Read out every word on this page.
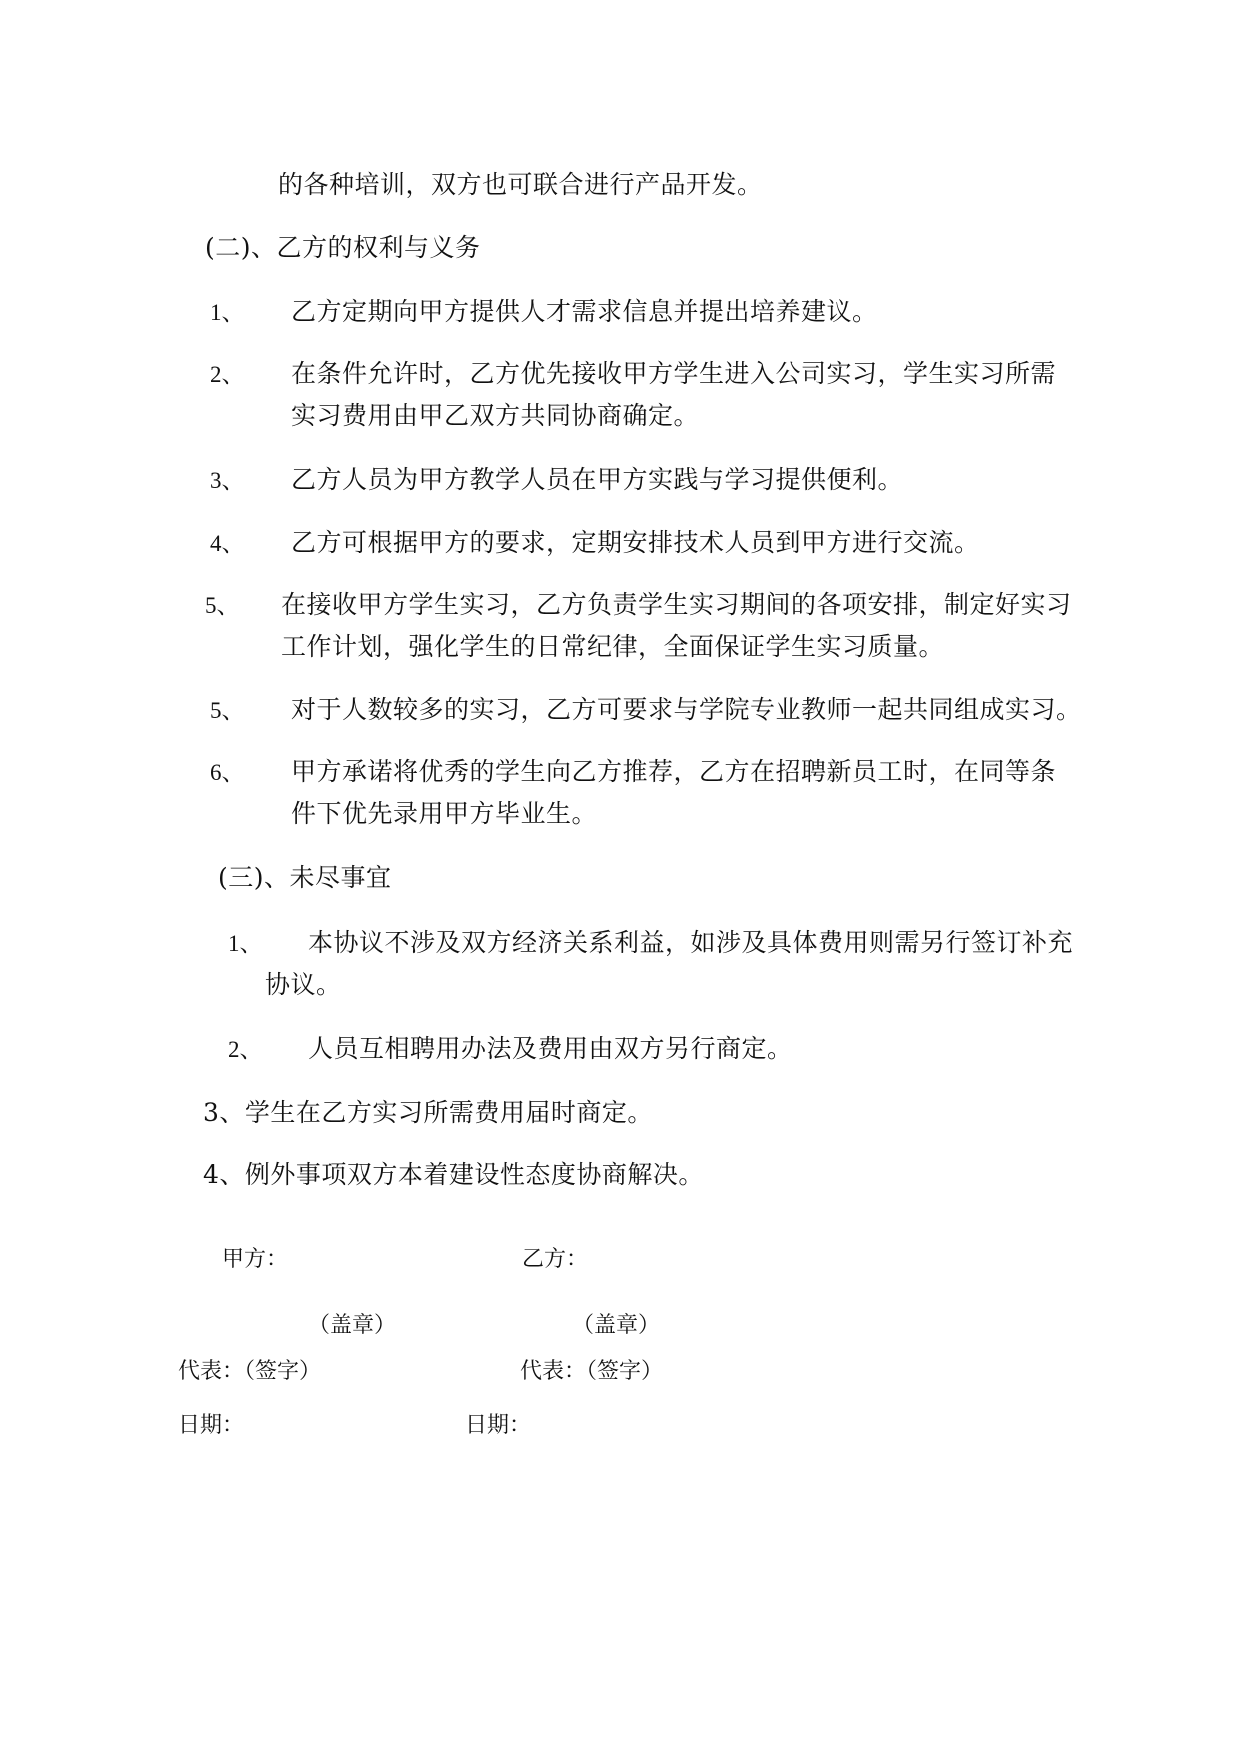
的各种培训，双方也可联合进行产品开发。
(二)、乙方的权利与义务
1、 乙方定期向甲方提供人才需求信息并提出培养建议。
2、 在条件允许时，乙方优先接收甲方学生进入公司实习，学生实习所需
实习费用由甲乙双方共同协商确定。
3、 乙方人员为甲方教学人员在甲方实践与学习提供便利。
4、 乙方可根据甲方的要求，定期安排技术人员到甲方进行交流。
5、 在接收甲方学生实习，乙方负责学生实习期间的各项安排，制定好实习
工作计划，强化学生的日常纪律，全面保证学生实习质量。
5、 对于人数较多的实习，乙方可要求与学院专业教师一起共同组成实习。
6、 甲方承诺将优秀的学生向乙方推荐，乙方在招聘新员工时，在同等条
件下优先录用甲方毕业生。
(三)、未尽事宜
1、 本协议不涉及双方经济关系利益，如涉及具体费用则需另行签订补充
协议。
2、 人员互相聘用办法及费用由双方另行商定。
3、学生在乙方实习所需费用届时商定。
4、例外事项双方本着建设性态度协商解决。
甲方：	乙方：
（盖章）	（盖章）
代表：（签字）	代表：（签字）
日期：	日期：
